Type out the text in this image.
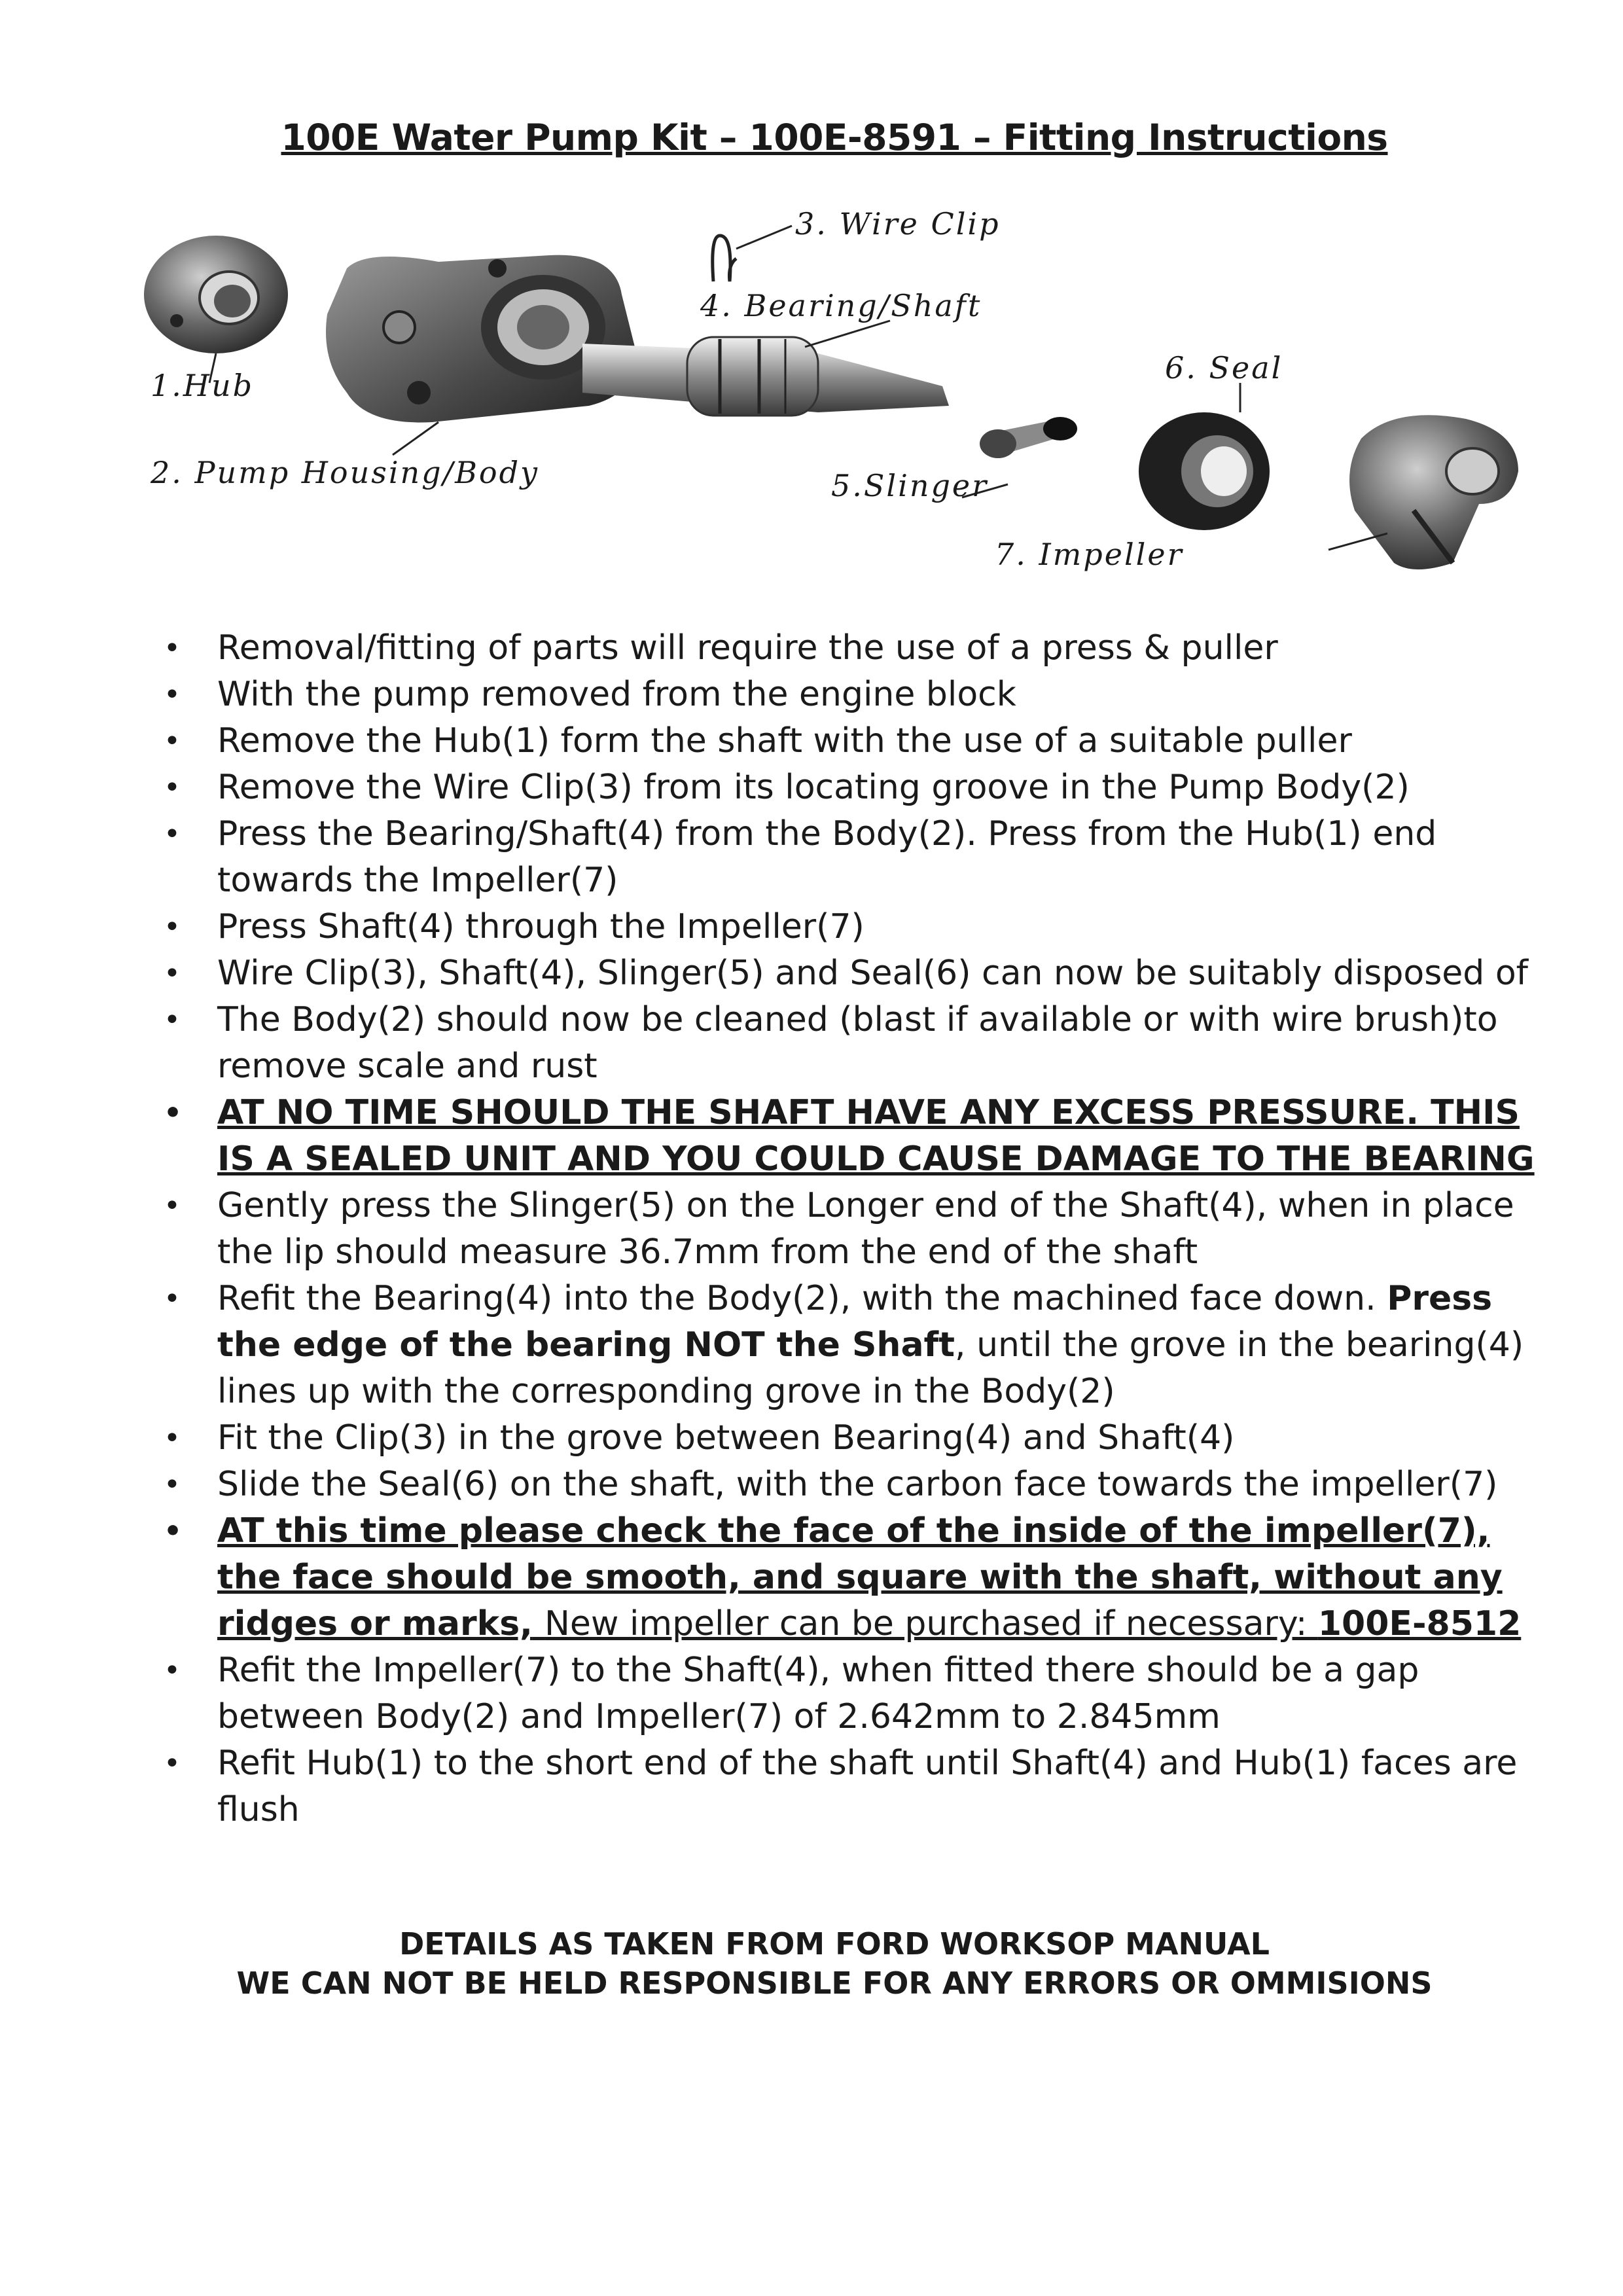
100E Water Pump Kit – 100E-8591 – Fitting Instructions
1.Hub
2. Pump Housing/Body
3. Wire Clip
4. Bearing/Shaft
5.Slinger
6. Seal
7. Impeller
• Removal/fitting of parts will require the use of a press & puller
• With the pump removed from the engine block
• Remove the Hub(1) form the shaft with the use of a suitable puller
• Remove the Wire Clip(3) from its locating groove in the Pump Body(2)
• Press the Bearing/Shaft(4) from the Body(2). Press from the Hub(1) end towards the Impeller(7)
• Press Shaft(4) through the Impeller(7)
• Wire Clip(3), Shaft(4), Slinger(5) and Seal(6) can now be suitably disposed of
• The Body(2) should now be cleaned (blast if available or with wire brush)to remove scale and rust
• AT NO TIME SHOULD THE SHAFT HAVE ANY EXCESS PRESSURE. THIS IS A SEALED UNIT AND YOU COULD CAUSE DAMAGE TO THE BEARING
• Gently press the Slinger(5) on the Longer end of the Shaft(4), when in place the lip should measure 36.7mm from the end of the shaft
• Refit the Bearing(4) into the Body(2), with the machined face down. Press the edge of the bearing NOT the Shaft, until the grove in the bearing(4) lines up with the corresponding grove in the Body(2)
• Fit the Clip(3) in the grove between Bearing(4) and Shaft(4)
• Slide the Seal(6) on the shaft, with the carbon face towards the impeller(7)
• AT this time please check the face of the inside of the impeller(7), the face should be smooth, and square with the shaft, without any ridges or marks, New impeller can be purchased if necessary: 100E-8512
• Refit the Impeller(7) to the Shaft(4), when fitted there should be a gap between Body(2) and Impeller(7) of 2.642mm to 2.845mm
• Refit Hub(1) to the short end of the shaft until Shaft(4) and Hub(1) faces are flush
DETAILS AS TAKEN FROM FORD WORKSOP MANUAL
WE CAN NOT BE HELD RESPONSIBLE FOR ANY ERRORS OR OMMISIONS
